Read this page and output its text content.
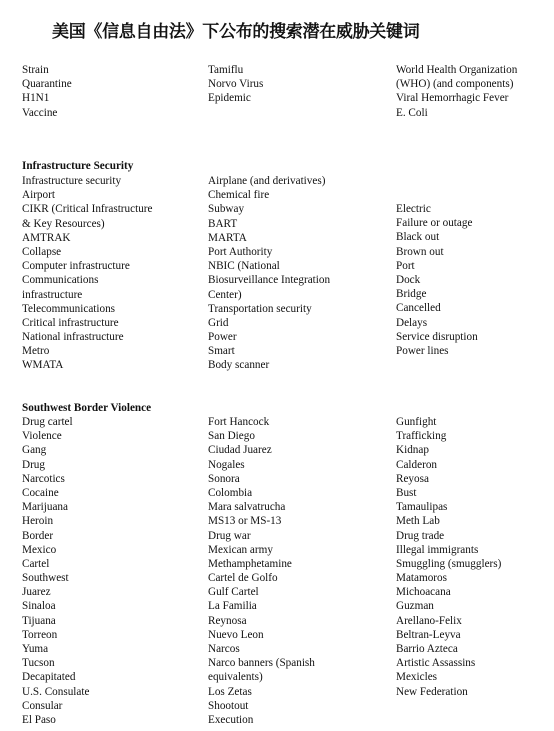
美国《信息自由法》下公布的搜索潜在威胁关键词
Strain
Quarantine
H1N1
Vaccine
Tamiflu
Norvo Virus
Epidemic
World Health Organization
(WHO) (and components)
Viral Hemorrhagic Fever
E. Coli
Infrastructure Security
Infrastructure security
Airport
CIKR (Critical Infrastructure
& Key Resources)
AMTRAK
Collapse
Computer infrastructure
Communications
infrastructure
Telecommunications
Critical infrastructure
National infrastructure
Metro
WMATA
Airplane (and derivatives)
Chemical fire
Subway
BART
MARTA
Port Authority
NBIC (National
Biosurveillance Integration
Center)
Transportation security
Grid
Power
Smart
Body scanner
Electric
Failure or outage
Black out
Brown out
Port
Dock
Bridge
Cancelled
Delays
Service disruption
Power lines
Southwest Border Violence
Drug cartel
Violence
Gang
Drug
Narcotics
Cocaine
Marijuana
Heroin
Border
Mexico
Cartel
Southwest
Juarez
Sinaloa
Tijuana
Torreon
Yuma
Tucson
Decapitated
U.S. Consulate
Consular
El Paso
Fort Hancock
San Diego
Ciudad Juarez
Nogales
Sonora
Colombia
Mara salvatrucha
MS13 or MS-13
Drug war
Mexican army
Methamphetamine
Cartel de Golfo
Gulf Cartel
La Familia
Reynosa
Nuevo Leon
Narcos
Narco banners (Spanish
equivalents)
Los Zetas
Shootout
Execution
Gunfight
Trafficking
Kidnap
Calderon
Reyosa
Bust
Tamaulipas
Meth Lab
Drug trade
Illegal immigrants
Smuggling (smugglers)
Matamoros
Michoacana
Guzman
Arellano-Felix
Beltran-Leyva
Barrio Azteca
Artistic Assassins
Mexicles
New Federation
